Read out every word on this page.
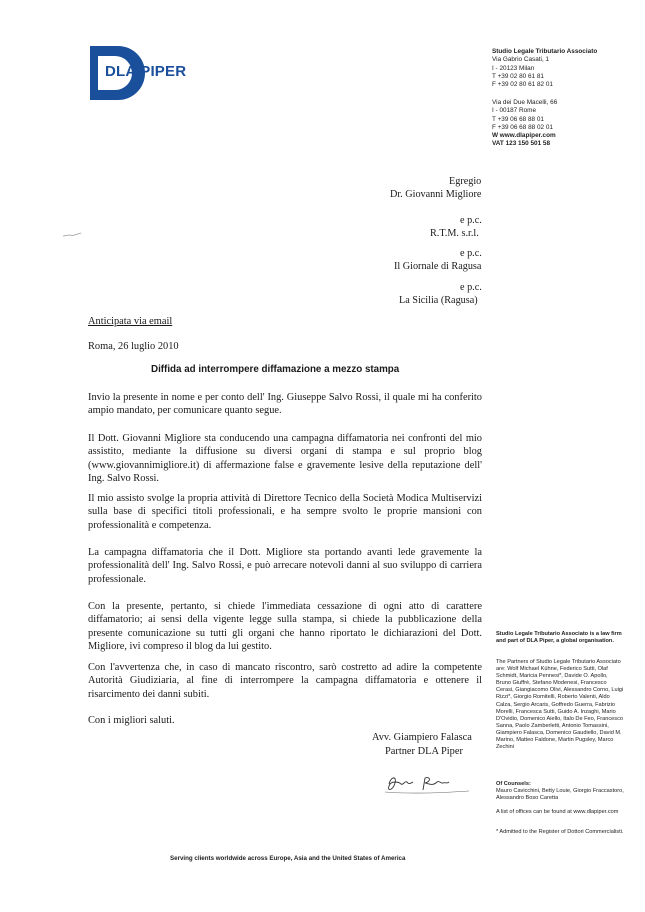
DLA PIPER
Studio Legale Tributario Associato
Via Gabrio Casati, 1
I - 20123 Milan
T +39 02 80 61 81
F +39 02 80 61 82 01
Via dei Due Macelli, 66
I - 00187 Rome
T +39 06 68 88 01
F +39 06 68 88 02 01
W www.dlapiper.com
VAT 123 150 501 58
Egregio
Dr. Giovanni Migliore
e p.c.
R.T.M. s.r.l.
e p.c.
Il Giornale di Ragusa
e p.c.
La Sicilia (Ragusa)
Anticipata via email
Roma, 26 luglio 2010
Diffida ad interrompere diffamazione a mezzo stampa
Invio la presente in nome e per conto dell' Ing. Giuseppe Salvo Rossi, il quale mi ha conferito ampio mandato, per comunicare quanto segue.
Il Dott. Giovanni Migliore sta conducendo una campagna diffamatoria nei confronti del mio assistito, mediante la diffusione su diversi organi di stampa e sul proprio blog (www.giovannimigliore.it) di affermazione false e gravemente lesive della reputazione dell' Ing. Salvo Rossi.
Il mio assisto svolge la propria attività di Direttore Tecnico della Società Modica Multiservizi sulla base di specifici titoli professionali, e ha sempre svolto le proprie mansioni con professionalità e competenza.
La campagna diffamatoria che il Dott. Migliore sta portando avanti lede gravemente la professionalità dell' Ing. Salvo Rossi, e può arrecare notevoli danni al suo sviluppo di carriera professionale.
Con la presente, pertanto, si chiede l'immediata cessazione di ogni atto di carattere diffamatorio; ai sensi della vigente legge sulla stampa, si chiede la pubblicazione della presente comunicazione su tutti gli organi che hanno riportato le dichiarazioni del Dott. Migliore, ivi compreso il blog da lui gestito.
Con l'avvertenza che, in caso di mancato riscontro, sarò costretto ad adire la competente Autorità Giudiziaria, al fine di interrompere la campagna diffamatoria e ottenere il risarcimento dei danni subiti.
Con i migliori saluti.
Avv. Giampiero Falasca
Partner DLA Piper

Studio Legale Tributario Associato is a law firm and part of DLA Piper, a global organisation.

The Partners of Studio Legale Tributario Associato are: Wolf Michael Kühne, Federico Sutti, Olaf Schmidt, Maricia Pennesi*, Davide O. Apollo, Bruno Giuffrè, Stefano Modenesi, Francesco Cerasi, Giangiacomo Olivi, Alessandro Corno, Luigi Rizzi*, Giorgio Romitelli, Roberto Valenti, Aldo Calza, Sergio Arcaris, Goffredo Guerra, Fabrizio Morelli, Francesca Sutti, Guido A. Inzaghi, Mario D'Ovidio, Domenico Aiello, Italo De Feo, Francesco Sanna, Paolo Zamberletti, Antonio Tomassini, Giampiero Falasca, Domenico Gaudiello, David M. Marino, Matteo Faldone, Martin Pugsley, Marco Zechini

Of Counsels:

Mauro Cavicchini, Betty Louie, Giorgio Fraccastoro, Alessandro Boso Caretta

A list of offices can be found at www.dlapiper.com

* Admitted to the Register of Dottori Commercialisti.

Serving clients worldwide across Europe, Asia and the United States of America
